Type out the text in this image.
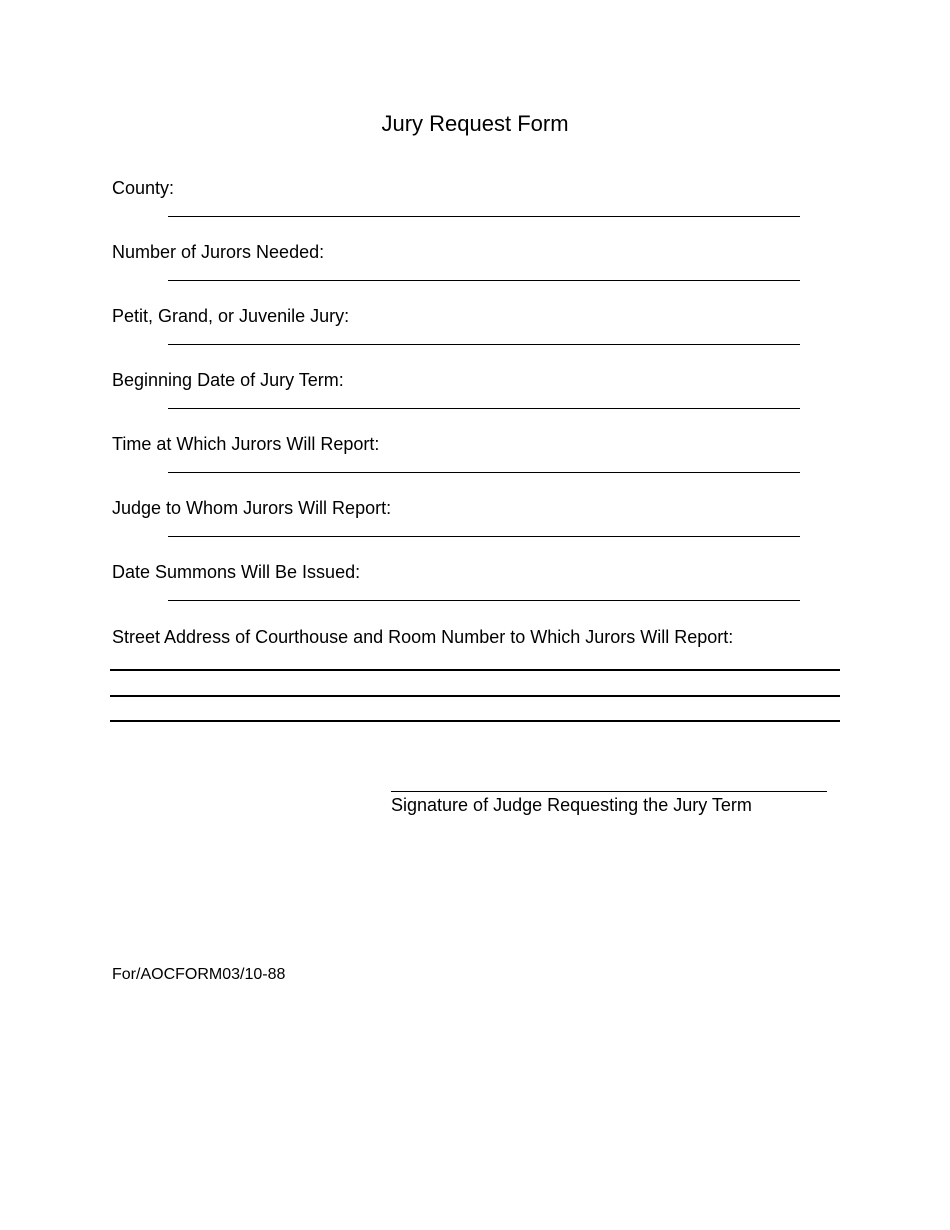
Jury Request Form
County:
Number of Jurors Needed:
Petit, Grand, or Juvenile Jury:
Beginning Date of Jury Term:
Time at Which Jurors Will Report:
Judge to Whom Jurors Will Report:
Date Summons Will Be Issued:
Street Address of Courthouse and Room Number to Which Jurors Will Report:
Signature of Judge Requesting the Jury Term
For/AOCFORM03/10-88
